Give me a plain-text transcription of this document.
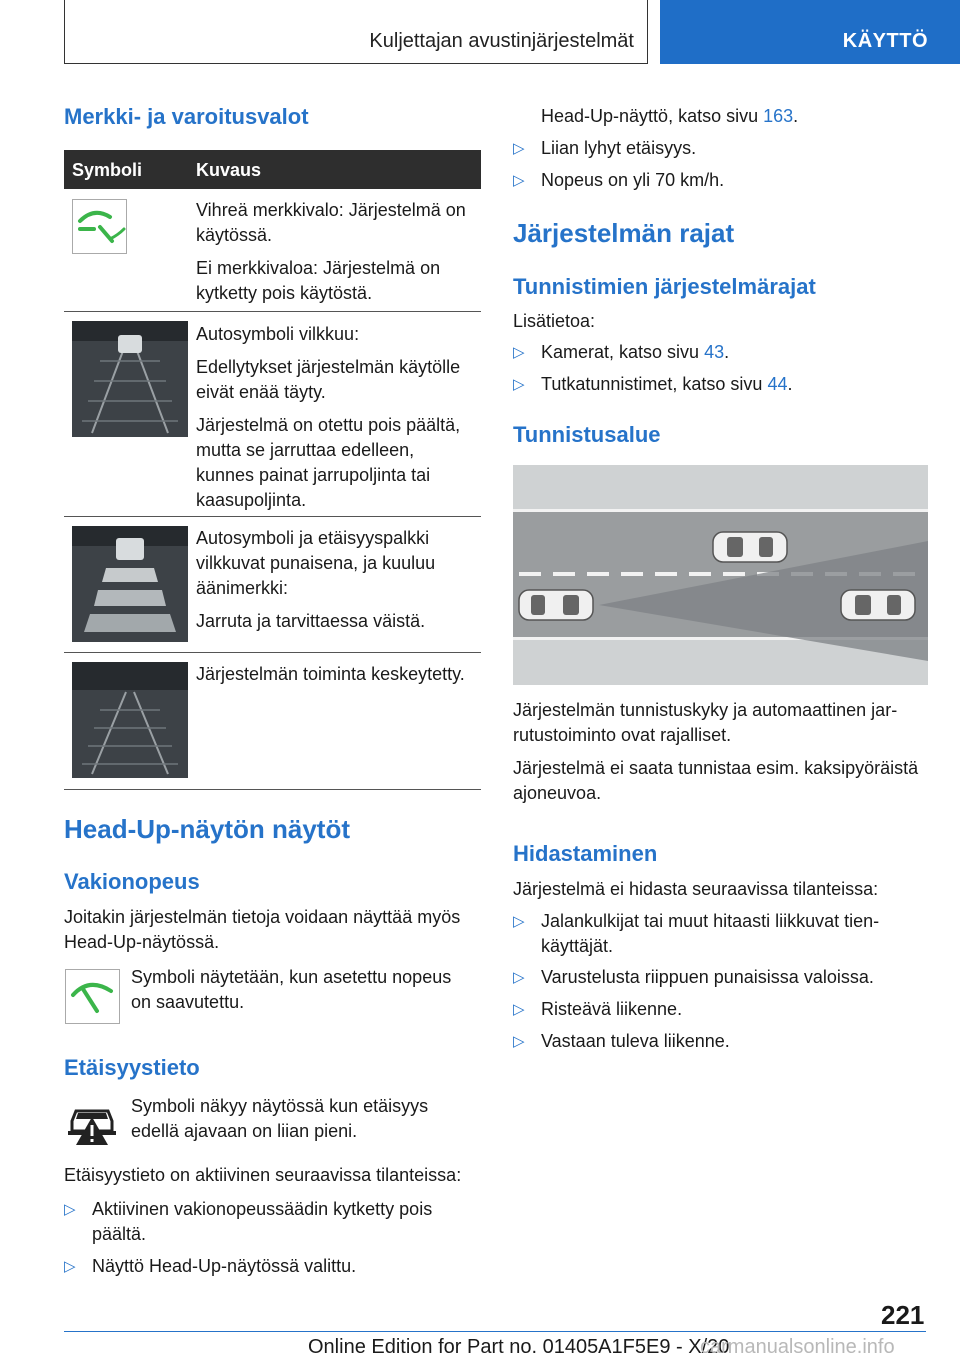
Kuljettajan avustinjärjestelmät	KÄYTTÖ
Merkki- ja varoitusvalot
Symboli	Kuvaus

Vihreä merkkivalo: Järjestelmä on käytössä.

Ei merkkivaloa: Järjestelmä on kytketty pois käytöstä.

Autosymboli vilkkuu:

Edellytykset järjestelmän käytölle eivät enää täyty.

Järjestelmä on otettu pois päältä, mutta se jarruttaa edelleen, kunnes painat jarrupoljinta tai kaasupoljinta.

Autosymboli ja etäisyyspalkki vilkkuvat punaisena, ja kuuluu äänimerkki:

Jarruta ja tarvittaessa väistä.

Järjestelmän toiminta keskeytetty.

Head-Up-näytön näytöt
Vakionopeus
Joitakin järjestelmän tietoja voidaan näyttää myös Head-Up-näytössä.
Symboli näytetään, kun asetettu nopeus on saavutettu.
Etäisyystieto
Symboli näkyy näytössä kun etäisyys edellä ajavaan on liian pieni.
Etäisyystieto on aktiivinen seuraavissa tilanteissa:
▷ Aktiivinen vakionopeussäädin kytketty pois päältä.
▷ Näyttö Head-Up-näytössä valittu.
Head-Up-näyttö, katso sivu 163.
▷ Liian lyhyt etäisyys.
▷ Nopeus on yli 70 km/h.
Järjestelmän rajat
Tunnistimien järjestelmärajat
Lisätietoa:
▷ Kamerat, katso sivu 43.
▷ Tutkatunnistimet, katso sivu 44.
Tunnistusalue
Järjestelmän tunnistuskyky ja automaattinen jarrutustoiminto ovat rajalliset.
Järjestelmä ei saata tunnistaa esim. kaksipyöräistä ajoneuvoa.
Hidastaminen
Järjestelmä ei hidasta seuraavissa tilanteissa:
▷ Jalankulkijat tai muut hitaasti liikkuvat tienkäyttäjät.
▷ Varustelusta riippuen punaisissa valoissa.
▷ Risteävä liikenne.
▷ Vastaan tuleva liikenne.
221
Online Edition for Part no. 01405A1F5E9 - X/20
carmanualsonline.info
